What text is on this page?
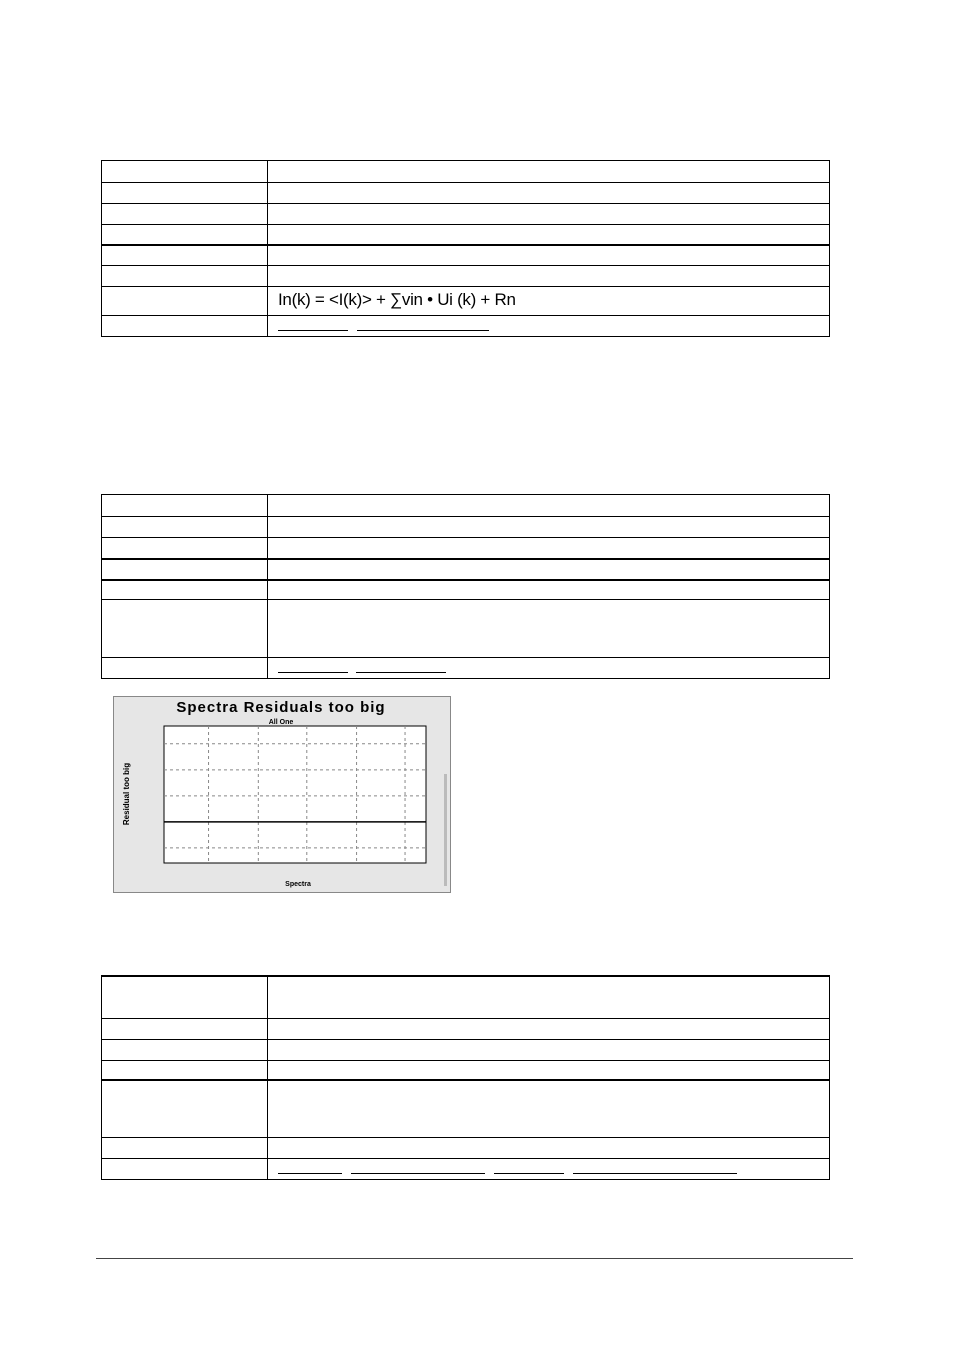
	In(k) = <I(k)> + ∑vin • Ui (k) + Rn

Spectra Residuals too big
All One
Residual too big
Spectra
